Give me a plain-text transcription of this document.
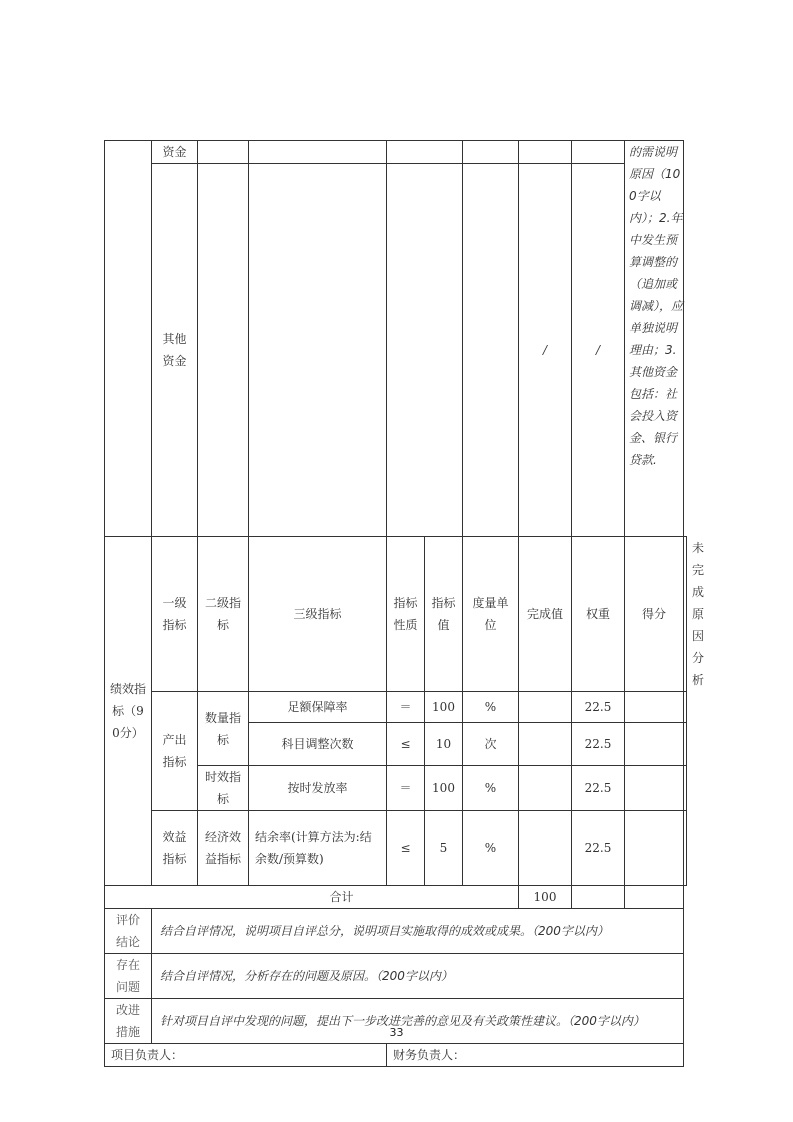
	资金								的需说明原因（100字以内）；2.年中发生预算调整的（追加或调减），应单独说明理由；3.其他资金包括：社会投入资金、银行贷款.	
	其他资金						/	/		
绩效指标（90分）	一级指标	二级指标	三级指标	指标性质	指标值	度量单位	完成值	权重	得分	未完成原因分析
	产出指标	数量指标	足额保障率	＝	100	%		22.5		
			科目调整次数	≤	10	次		22.5		
		时效指标	按时发放率	＝	100	%		22.5		
	效益指标	经济效益指标	结余率(计算方法为:结余数/预算数)	≤	5	%		22.5		
合计							100			
评价结论	结合自评情况，说明项目自评总分，说明项目实施取得的成效或成果。（200字以内）									
存在问题	结合自评情况，分析存在的问题及原因。（200字以内）									
改进措施	针对项目自评中发现的问题，提出下一步改进完善的意见及有关政策性建议。（200字以内）									
项目负责人：				财务负责人：						
33
